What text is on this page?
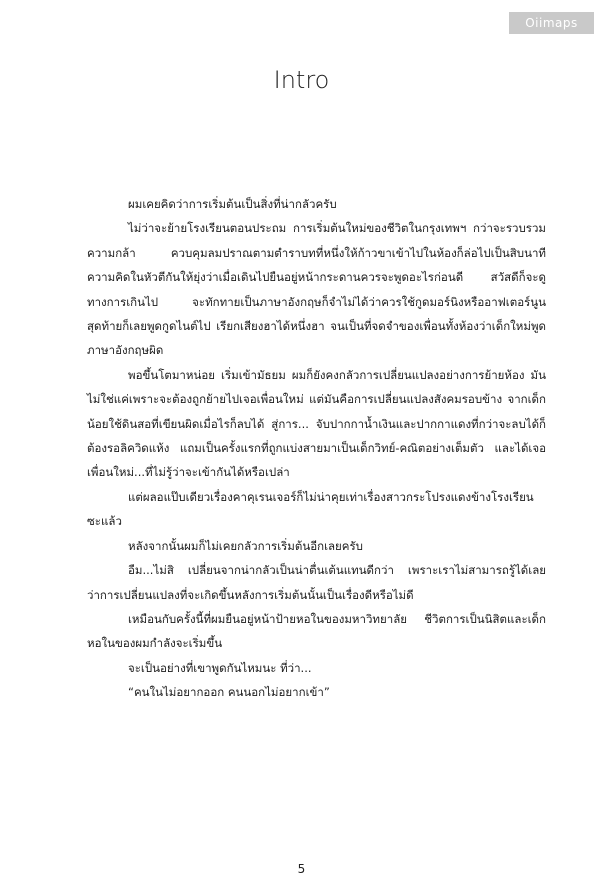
Oiimaps
Intro

ผมเคยคิดว่าการเริ่มต้นเป็นสิ่งที่น่ากลัวครับ

ไม่ว่าจะย้ายโรงเรียนตอนประถม การเริ่มต้นใหม่ของชีวิตในกรุงเทพฯ กว่าจะรวบรวมความกล้า ควบคุมลมปราณตามตำราบทที่หนึ่งให้ก้าวขาเข้าไปในห้องก็ล่อไปเป็นสิบนาที ความคิดในหัวตีกันให้ยุ่งว่าเมื่อเดินไปยืนอยู่หน้ากระดานควรจะพูดอะไรก่อนดี สวัสดีก็จะดูทางการเกินไป จะทักทายเป็นภาษาอังกฤษก็จำไม่ได้ว่าควรใช้กูดมอร์นิงหรืออาฟเตอร์นูน สุดท้ายก็เลยพูดกูดไนต์ไป เรียกเสียงฮาได้หนึ่งฮา จนเป็นที่จดจำของเพื่อนทั้งห้องว่าเด็กใหม่พูดภาษาอังกฤษผิด

พอขึ้นโตมาหน่อย เริ่มเข้ามัธยม ผมก็ยังคงกลัวการเปลี่ยนแปลงอย่างการย้ายห้อง มันไม่ใช่แค่เพราะจะต้องถูกย้ายไปเจอเพื่อนใหม่ แต่มันคือการเปลี่ยนแปลงสังคมรอบข้าง จากเด็กน้อยใช้ดินสอที่เขียนผิดเมื่อไรก็ลบได้ สู่การ... จับปากกาน้ำเงินและปากกาแดงที่กว่าจะลบได้ก็ต้องรอลิควิดแห้ง แถมเป็นครั้งแรกที่ถูกแบ่งสายมาเป็นเด็กวิทย์-คณิตอย่างเต็มตัว และได้เจอเพื่อนใหม่...ที่ไม่รู้ว่าจะเข้ากันได้หรือเปล่า

แต่ผลอแป๊บเดียวเรื่องคาคุเรนเจอร์ก็ไม่น่าคุยเท่าเรื่องสาวกระโปรงแดงข้างโรงเรียนซะแล้ว

หลังจากนั้นผมก็ไม่เคยกลัวการเริ่มต้นอีกเลยครับ

อืม...ไม่สิ เปลี่ยนจากน่ากลัวเป็นน่าตื่นเต้นแทนดีกว่า เพราะเราไม่สามารถรู้ได้เลยว่าการเปลี่ยนแปลงที่จะเกิดขึ้นหลังการเริ่มต้นนั้นเป็นเรื่องดีหรือไม่ดี

เหมือนกับครั้งนี้ที่ผมยืนอยู่หน้าป้ายหอในของมหาวิทยาลัย ชีวิตการเป็นนิสิตและเด็กหอในของผมกำลังจะเริ่มขึ้น

จะเป็นอย่างที่เขาพูดกันไหมนะ ที่ว่า...

“คนในไม่อยากออก คนนอกไม่อยากเข้า”

5
